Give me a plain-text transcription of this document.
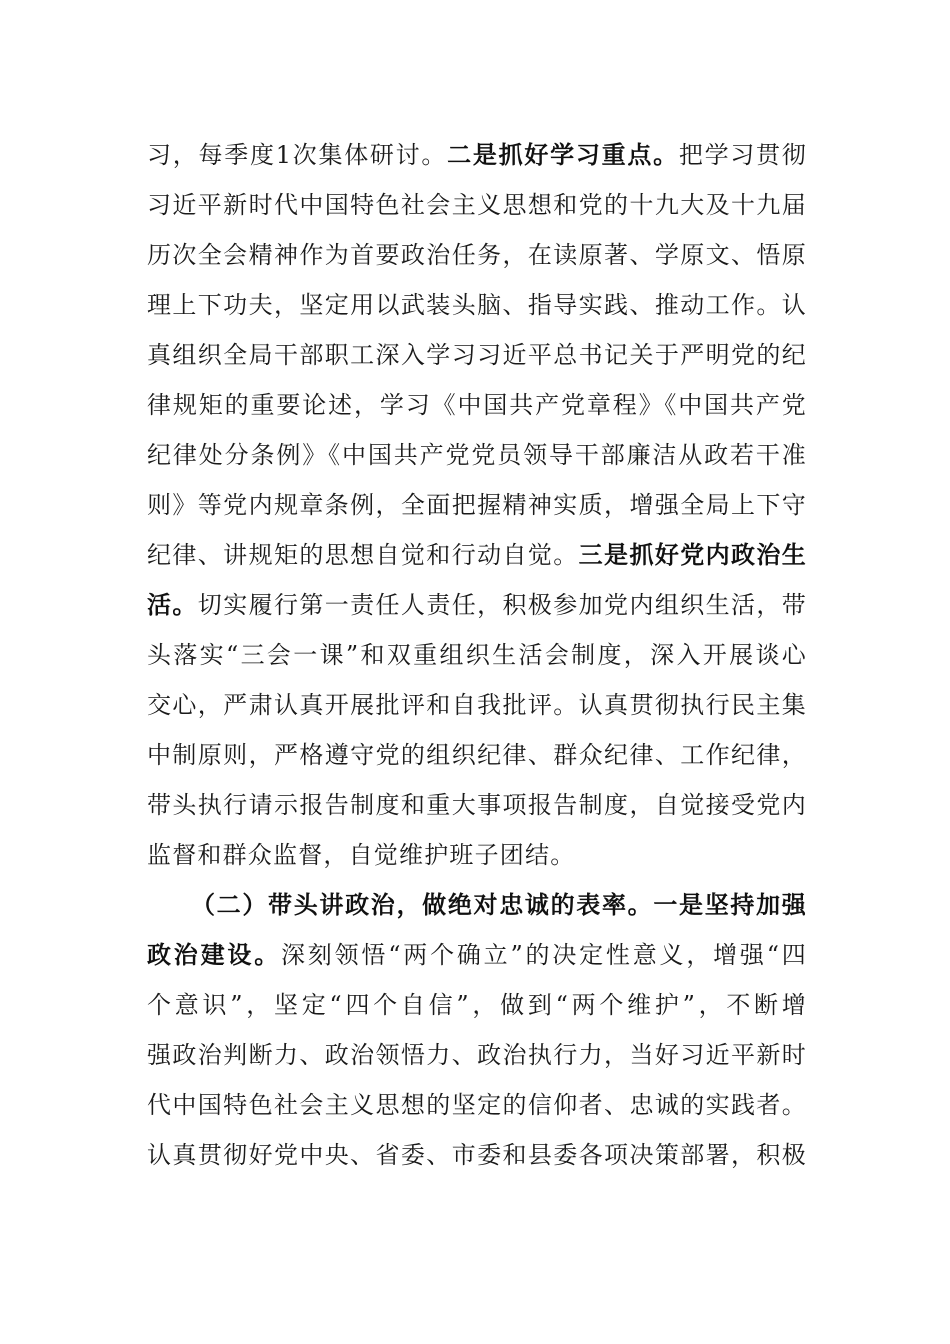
习，每季度1次集体研讨。二是抓好学习重点。把学习贯彻
习近平新时代中国特色社会主义思想和党的十九大及十九届
历次全会精神作为首要政治任务，在读原著、学原文、悟原
理上下功夫，坚定用以武装头脑、指导实践、推动工作。认
真组织全局干部职工深入学习习近平总书记关于严明党的纪
律规矩的重要论述，学习《中国共产党章程》《中国共产党
纪律处分条例》《中国共产党党员领导干部廉洁从政若干准
则》等党内规章条例，全面把握精神实质，增强全局上下守
纪律、讲规矩的思想自觉和行动自觉。三是抓好党内政治生
活。切实履行第一责任人责任，积极参加党内组织生活，带
头落实“三会一课”和双重组织生活会制度，深入开展谈心
交心，严肃认真开展批评和自我批评。认真贯彻执行民主集
中制原则，严格遵守党的组织纪律、群众纪律、工作纪律，
带头执行请示报告制度和重大事项报告制度，自觉接受党内
监督和群众监督，自觉维护班子团结。
（二）带头讲政治，做绝对忠诚的表率。一是坚持加强
政治建设。深刻领悟“两个确立”的决定性意义，增强“四
个意识”，坚定“四个自信”，做到“两个维护”，不断增
强政治判断力、政治领悟力、政治执行力，当好习近平新时
代中国特色社会主义思想的坚定的信仰者、忠诚的实践者。
认真贯彻好党中央、省委、市委和县委各项决策部署，积极
